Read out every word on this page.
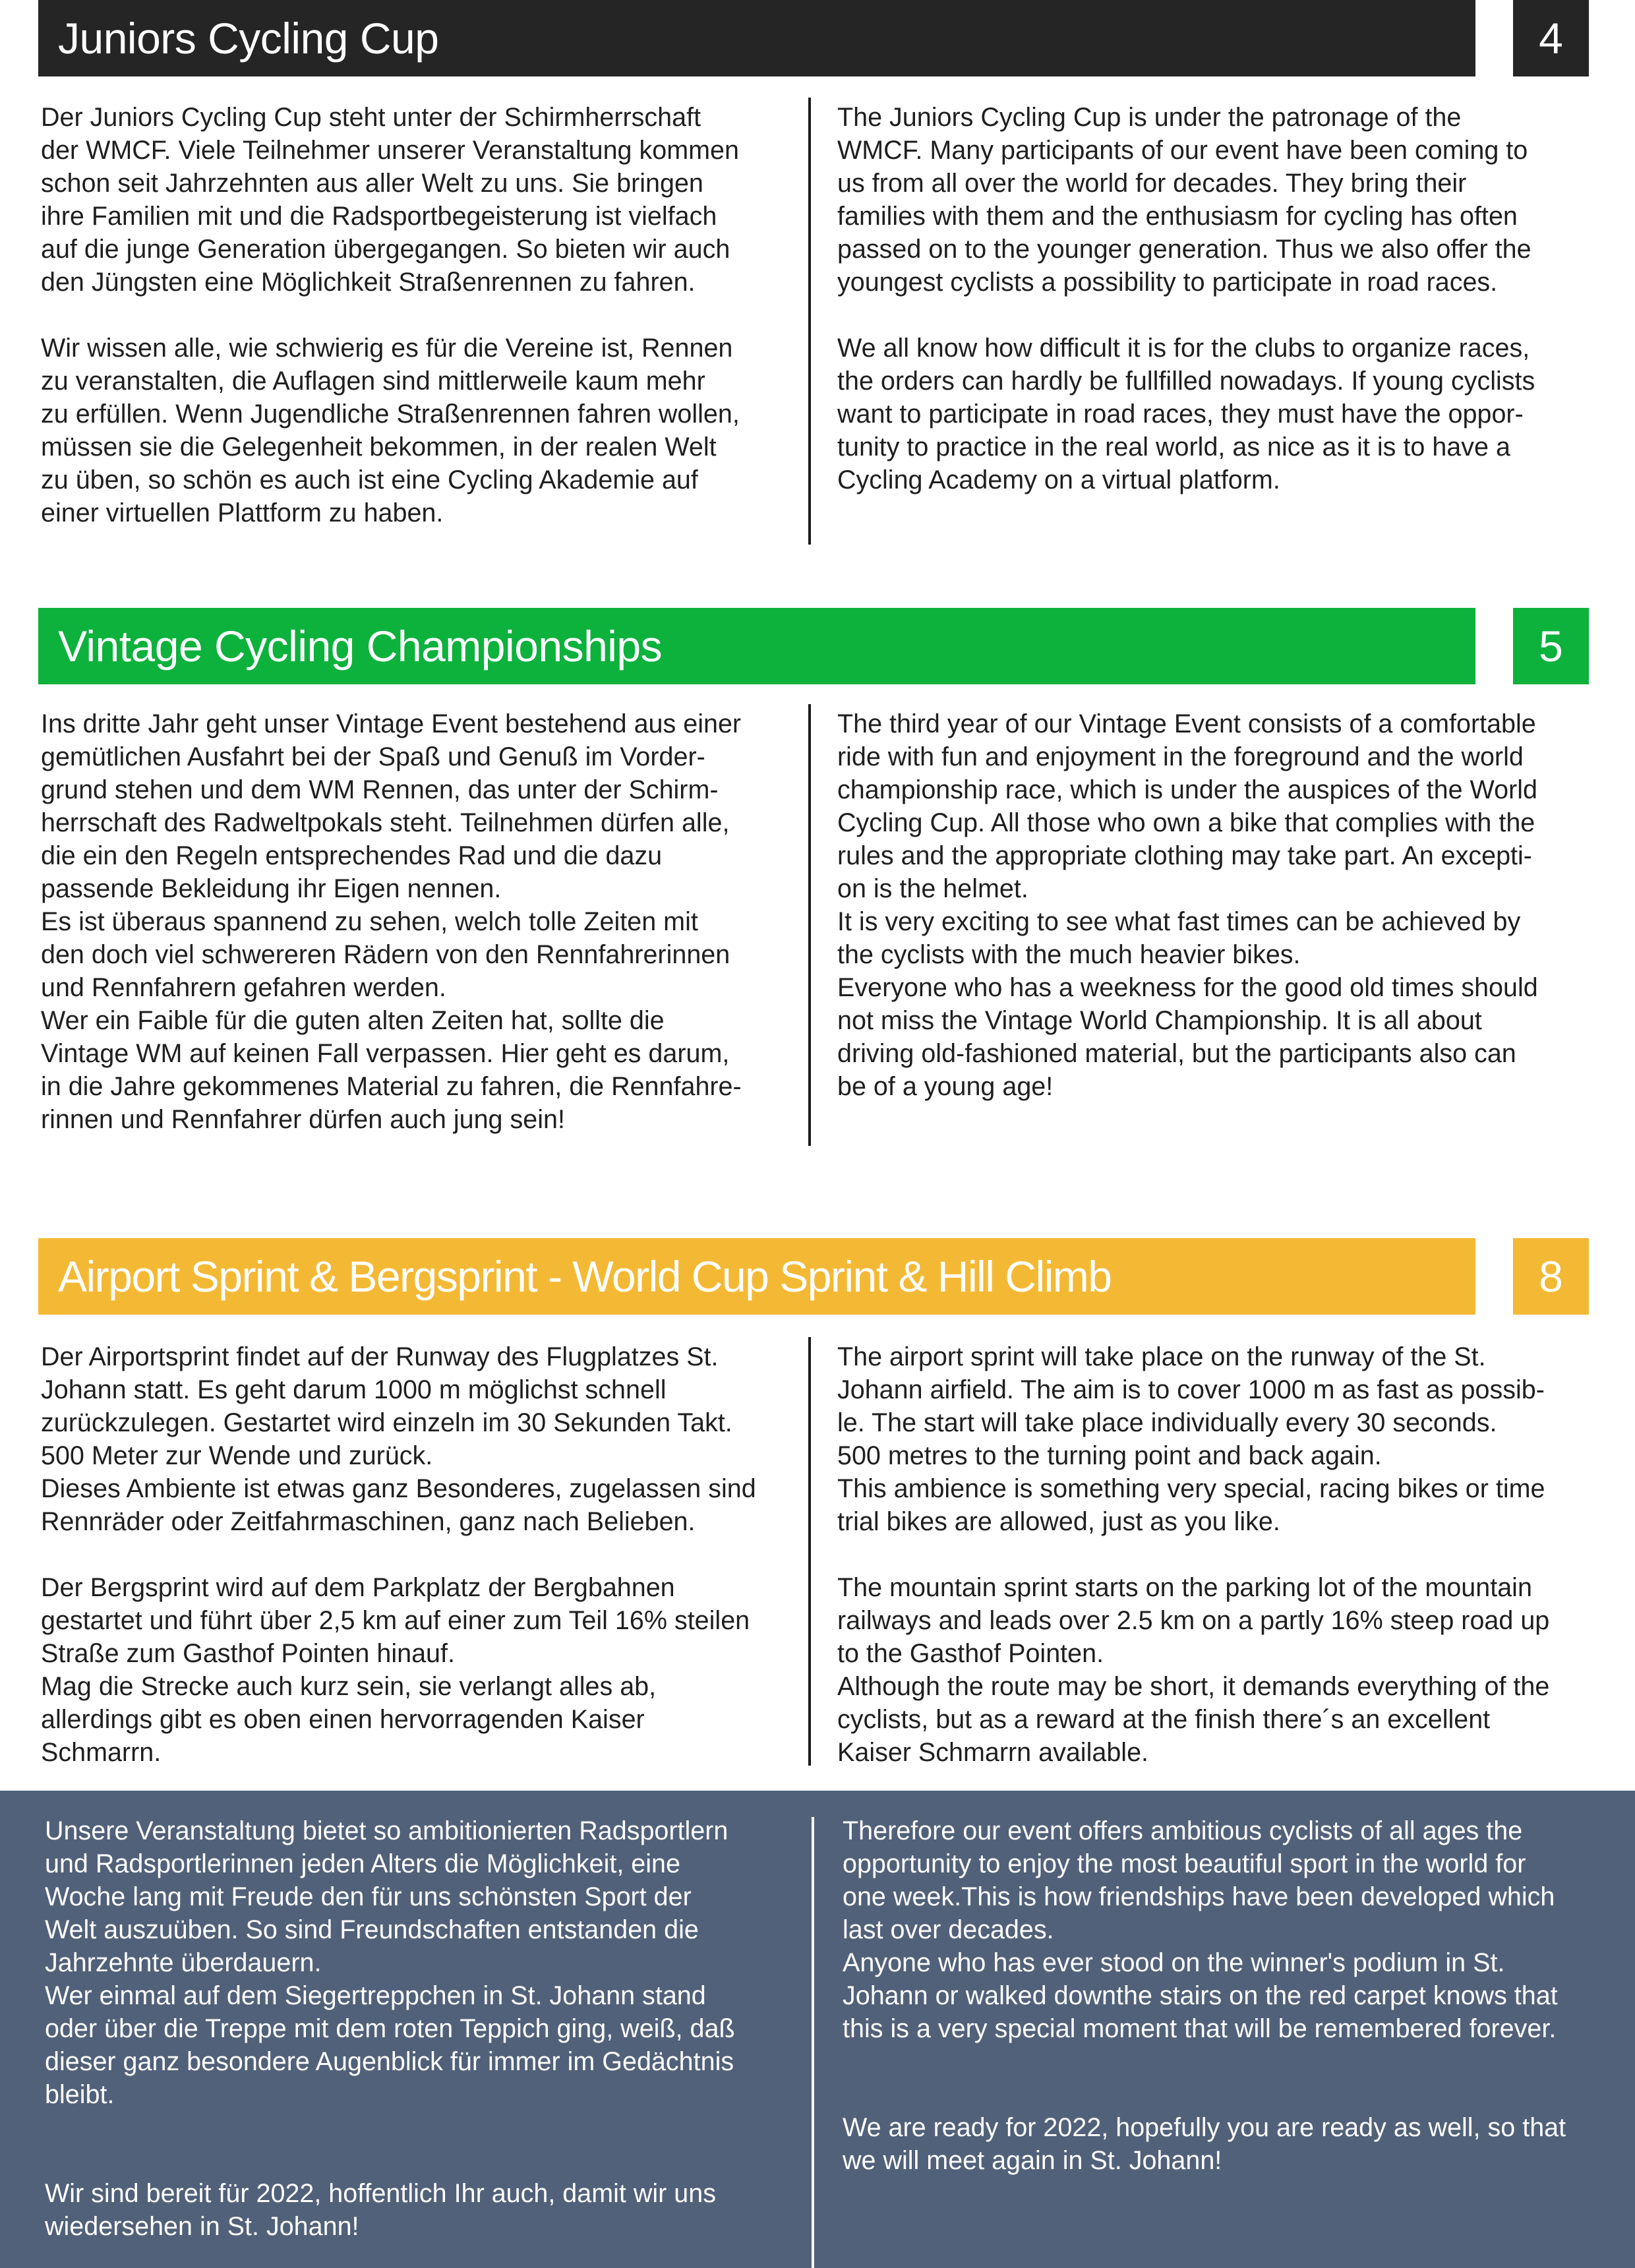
Juniors Cycling Cup	4
Der Juniors Cycling Cup steht unter der Schirmherrschaft
der WMCF. Viele Teilnehmer unserer Veranstaltung kommen
schon seit Jahrzehnten aus aller Welt zu uns. Sie bringen
ihre Familien mit und die Radsportbegeisterung ist vielfach
auf die junge Generation übergegangen. So bieten wir auch
den Jüngsten eine Möglichkeit Straßenrennen zu fahren.

Wir wissen alle, wie schwierig es für die Vereine ist, Rennen
zu veranstalten, die Auflagen sind mittlerweile kaum mehr
zu erfüllen. Wenn Jugendliche Straßenrennen fahren wollen,
müssen sie die Gelegenheit bekommen, in der realen Welt
zu üben, so schön es auch ist eine Cycling Akademie auf
einer virtuellen Plattform zu haben.
The Juniors Cycling Cup is under the patronage of the
WMCF. Many participants of our event have been coming to
us from all over the world for decades. They bring their
families with them and the enthusiasm for cycling has often
passed on to the younger generation. Thus we also offer the
youngest cyclists a possibility to participate in road races.

We all know how difficult it is for the clubs to organize races,
the orders can hardly be fullfilled nowadays. If young cyclists
want to participate in road races, they must have the oppor-
tunity to practice in the real world, as nice as it is to have a
Cycling Academy on a virtual platform.
Vintage Cycling Championships	5
Ins dritte Jahr geht unser Vintage Event bestehend aus einer
gemütlichen Ausfahrt bei der Spaß und Genuß im Vorder-
grund stehen und dem WM Rennen, das unter der Schirm-
herrschaft des Radweltpokals steht. Teilnehmen dürfen alle,
die ein den Regeln entsprechendes Rad und die dazu
passende Bekleidung ihr Eigen nennen.
Es ist überaus spannend zu sehen, welch tolle Zeiten mit
den doch viel schwereren Rädern von den Rennfahrerinnen
und Rennfahrern gefahren werden.
Wer ein Faible für die guten alten Zeiten hat, sollte die
Vintage WM auf keinen Fall verpassen. Hier geht es darum,
in die Jahre gekommenes Material zu fahren, die Rennfahre-
rinnen und Rennfahrer dürfen auch jung sein!
The third year of our Vintage Event consists of a comfortable
ride with fun and enjoyment in the foreground and the world
championship race, which is under the auspices of the World
Cycling Cup. All those who own a bike that complies with the
rules and the appropriate clothing may take part. An excepti-
on is the helmet.
It is very exciting to see what fast times can be achieved by
the cyclists with the much heavier bikes.
Everyone who has a weekness for the good old times should
not miss the Vintage World Championship. It is all about
driving old-fashioned material, but the participants also can
be of a young age!
Airport Sprint & Bergsprint - World Cup Sprint & Hill Climb	8
Der Airportsprint findet auf der Runway des Flugplatzes St.
Johann statt. Es geht darum 1000 m möglichst schnell
zurückzulegen. Gestartet wird einzeln im 30 Sekunden Takt.
500 Meter zur Wende und zurück.
Dieses Ambiente ist etwas ganz Besonderes, zugelassen sind
Rennräder oder Zeitfahrmaschinen, ganz nach Belieben.

Der Bergsprint wird auf dem Parkplatz der Bergbahnen
gestartet und führt über 2,5 km auf einer zum Teil 16% steilen
Straße zum Gasthof Pointen hinauf.
Mag die Strecke auch kurz sein, sie verlangt alles ab,
allerdings gibt es oben einen hervorragenden Kaiser
Schmarrn.
The airport sprint will take place on the runway of the St.
Johann airfield. The aim is to cover 1000 m as fast as possib-
le. The start will take place individually every 30 seconds.
500 metres to the turning point and back again.
This ambience is something very special, racing bikes or time
trial bikes are allowed, just as you like.

The mountain sprint starts on the parking lot of the mountain
railways and leads over 2.5 km on a partly 16% steep road up
to the Gasthof Pointen.
Although the route may be short, it demands everything of the
cyclists, but as a reward at the finish there´s an excellent
Kaiser Schmarrn available.
Unsere Veranstaltung bietet so ambitionierten Radsportlern
und Radsportlerinnen jeden Alters die Möglichkeit, eine
Woche lang mit Freude den für uns schönsten Sport der
Welt auszuüben. So sind Freundschaften entstanden die
Jahrzehnte überdauern.
Wer einmal auf dem Siegertreppchen in St. Johann stand
oder über die Treppe mit dem roten Teppich ging, weiß, daß
dieser ganz besondere Augenblick für immer im Gedächtnis
bleibt.

Wir sind bereit für 2022, hoffentlich Ihr auch, damit wir uns
wiedersehen in St. Johann!
Therefore our event offers ambitious cyclists of all ages the
opportunity to enjoy the most beautiful sport in the world for
one week.This is how friendships have been developed which
last over decades.
Anyone who has ever stood on the winner's podium in St.
Johann or walked downthe stairs on the red carpet knows that
this is a very special moment that will be remembered forever.

We are ready for 2022, hopefully you are ready as well, so that
we will meet again in St. Johann!
